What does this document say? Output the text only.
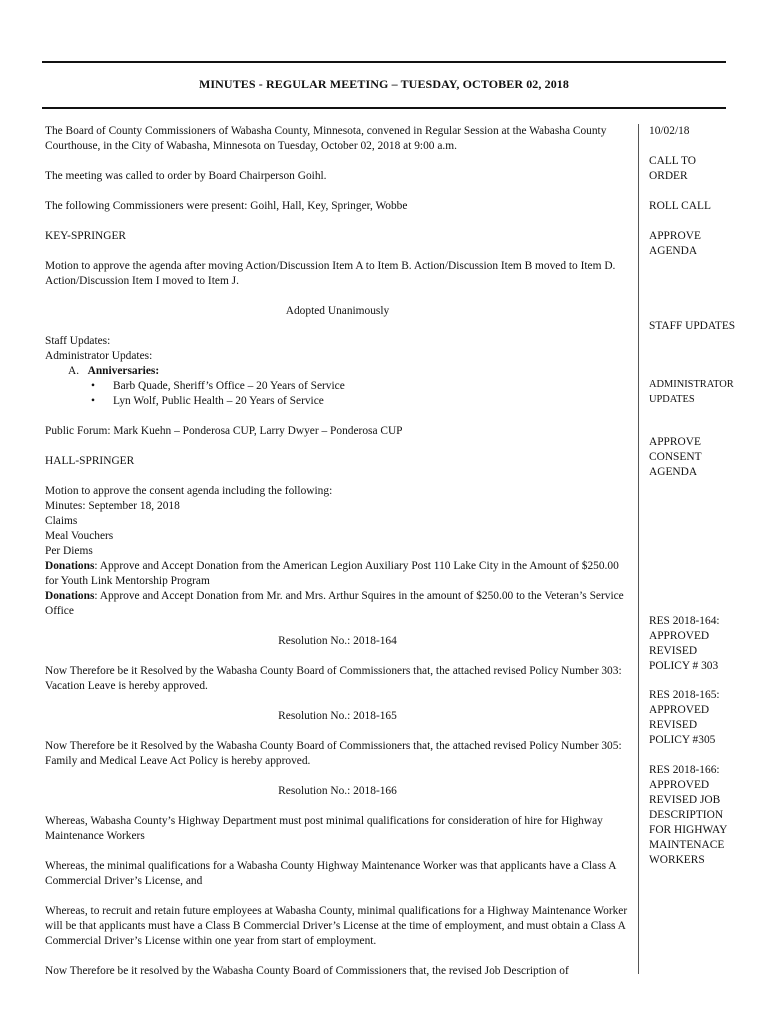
MINUTES - REGULAR MEETING – TUESDAY, OCTOBER 02, 2018

The Board of County Commissioners of Wabasha County, Minnesota, convened in Regular Session at the Wabasha County Courthouse, in the City of Wabasha, Minnesota on Tuesday, October 02, 2018 at 9:00 a.m.

The meeting was called to order by Board Chairperson Goihl.

The following Commissioners were present: Goihl, Hall, Key, Springer, Wobbe

KEY-SPRINGER

Motion to approve the agenda after moving Action/Discussion Item A to Item B. Action/Discussion Item B moved to Item D. Action/Discussion Item I moved to Item J.

Adopted Unanimously

Staff Updates:

Administrator Updates:

A. Anniversaries:

• Barb Quade, Sheriff’s Office – 20 Years of Service
• Lyn Wolf, Public Health – 20 Years of Service

Public Forum: Mark Kuehn – Ponderosa CUP, Larry Dwyer – Ponderosa CUP

HALL-SPRINGER

Motion to approve the consent agenda including the following:

Minutes: September 18, 2018

Claims

Meal Vouchers

Per Diems

Donations: Approve and Accept Donation from the American Legion Auxiliary Post 110 Lake City in the Amount of $250.00 for Youth Link Mentorship Program

Donations: Approve and Accept Donation from Mr. and Mrs. Arthur Squires in the amount of $250.00 to the Veteran’s Service Office

Resolution No.: 2018-164

Now Therefore be it Resolved by the Wabasha County Board of Commissioners that, the attached revised Policy Number 303: Vacation Leave is hereby approved.

Resolution No.: 2018-165

Now Therefore be it Resolved by the Wabasha County Board of Commissioners that, the attached revised Policy Number 305: Family and Medical Leave Act Policy is hereby approved.

Resolution No.: 2018-166

Whereas, Wabasha County’s Highway Department must post minimal qualifications for consideration of hire for Highway Maintenance Workers

Whereas, the minimal qualifications for a Wabasha County Highway Maintenance Worker was that applicants have a Class A Commercial Driver’s License, and

Whereas, to recruit and retain future employees at Wabasha County, minimal qualifications for a Highway Maintenance Worker will be that applicants must have a Class B Commercial Driver’s License at the time of employment, and must obtain a Class A Commercial Driver’s License within one year from start of employment.

Now Therefore be it resolved by the Wabasha County Board of Commissioners that, the revised Job Description of

10/02/18
CALL TO ORDER
ROLL CALL
APPROVE AGENDA
STAFF UPDATES
ADMINISTRATOR UPDATES
APPROVE CONSENT AGENDA
RES 2018-164: APPROVED REVISED POLICY # 303
RES 2018-165: APPROVED REVISED POLICY #305
RES 2018-166: APPROVED REVISED JOB DESCRIPTION FOR HIGHWAY MAINTENACE WORKERS
